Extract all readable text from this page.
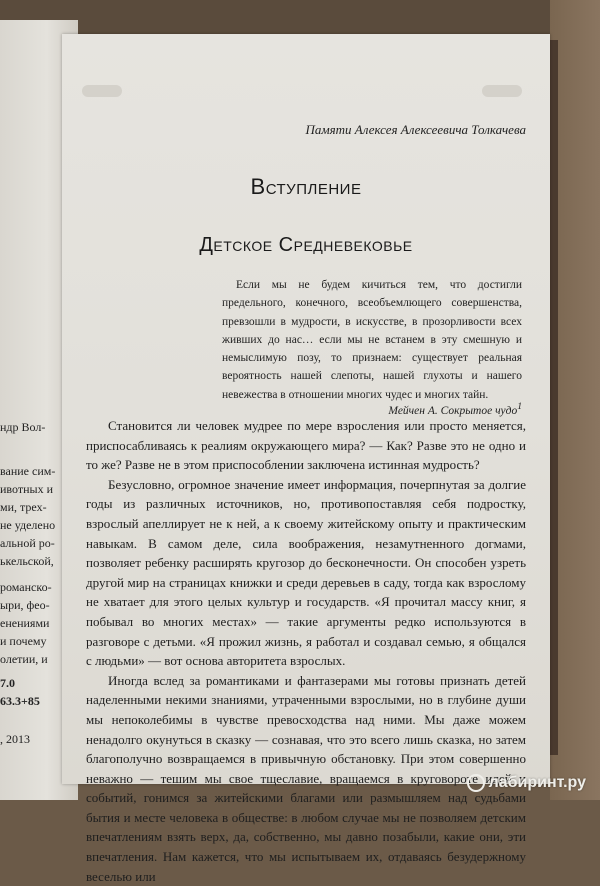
ндр Вол-
вание сим-
ивотных и
ми, трех-
не уделено
альной ро-
ькельской,
романско-
ыри, феo-
енениями
и почему
олетии, и
7.0
63.3+85
, 2013
Памяти Алексея Алексеевича Толкачева
Вступление
Детское Средневековье

Если мы не будем кичиться тем, что достигли предельного, конечного, всеобъемлющего совершенства, превзошли в мудрости, в искусстве, в прозорливости всех живших до нас… если мы не встанем в эту смешную и немыслимую позу, то признаем: существует реальная вероятность нашей слепоты, нашей глухоты и нашего невежества в отношении многих чудес и многих тайн.

Мейчен А. Сокрытое чудо$^1$

Становится ли человек мудрее по мере взросления или просто меняется, приспосабливаясь к реалиям окружающего мира? — Как? Разве это не одно и то же? Разве не в этом приспособлении заключена истинная мудрость?

Безусловно, огромное значение имеет информация, почерпнутая за долгие годы из различных источников, но, противопоставляя себя подростку, взрослый апеллирует не к ней, а к своему житейскому опыту и практическим навыкам. В самом деле, сила воображения, незамутненного догмами, позволяет ребенку расширять кругозор до бесконечности. Он способен узреть другой мир на страницах книжки и среди деревьев в саду, тогда как взрослому не хватает для этого целых культур и государств. «Я прочитал массу книг, я побывал во многих местах» — такие аргументы редко используются в разговоре с детьми. «Я прожил жизнь, я работал и создавал семью, я общался с людьми» — вот основа авторитета взрослых.

Иногда вслед за романтиками и фантазерами мы готовы признать детей наделенными некими знаниями, утраченными взрослыми, но в глубине души мы непоколебимы в чувстве превосходства над ними. Мы даже можем ненадолго окунуться в сказку — сознавая, что это всего лишь сказка, но затем благополучно возвращаемся в привычную обстановку. При этом совершенно неважно — тешим мы свое тщеславие, вращаемся в круговороте идей и событий, гонимся за житейскими благами или размышляем над судьбами бытия и месте человека в обществе: в любом случае мы не позволяем детским впечатлениям взять верх, да, собственно, мы давно позабыли, какие они, эти впечатления. Нам кажется, что мы испытываем их, отдаваясь безудержному веселью или

лабиринт.ру
